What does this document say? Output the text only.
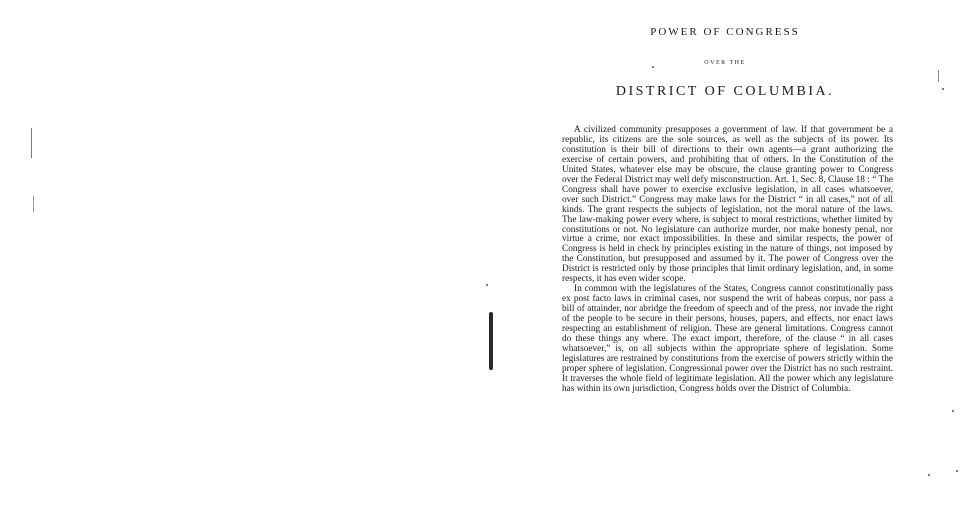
POWER OF CONGRESS
OVER THE
DISTRICT OF COLUMBIA.

A civilized community presupposes a government of law. If that government be a republic, its citizens are the sole sources, as well as the subjects of its power. Its constitution is their bill of directions to their own agents—a grant authorizing the exercise of certain powers, and prohibiting that of others. In the Constitution of the United States, whatever else may be obscure, the clause granting power to Congress over the Federal District may well defy misconstruction. Art. 1, Sec. 8, Clause 18 : “ The Congress shall have power to exercise exclusive legislation, in all cases whatsoever, over such District.” Congress may make laws for the District “ in all cases,” not of all kinds. The grant respects the subjects of legislation, not the moral nature of the laws. The law-making power every where, is subject to moral restrictions, whether limited by constitutions or not. No legislature can authorize murder, nor make honesty penal, nor virtue a crime, nor exact impossibilities. In these and similar respects, the power of Congress is held in check by principles existing in the nature of things, not imposed by the Constitution, but presupposed and assumed by it. The power of Congress over the District is restricted only by those principles that limit ordinary legislation, and, in some respects, it has even wider scope.

In common with the legislatures of the States, Congress cannot constitutionally pass ex post facto laws in criminal cases, nor suspend the writ of habeas corpus, nor pass a bill of attainder, nor abridge the freedom of speech and of the press, nor invade the right of the people to be secure in their persons, houses, papers, and effects, nor enact laws respecting an establishment of religion. These are general limitations. Congress cannot do these things any where. The exact import, therefore, of the clause “ in all cases whatsoever,” is, on all subjects within the appropriate sphere of legislation. Some legislatures are restrained by constitutions from the exercise of powers strictly within the proper sphere of legislation. Congressional power over the District has no such restraint. It traverses the whole field of legitimate legislation. All the power which any legislature has within its own jurisdiction, Congress holds over the District of Columbia.
